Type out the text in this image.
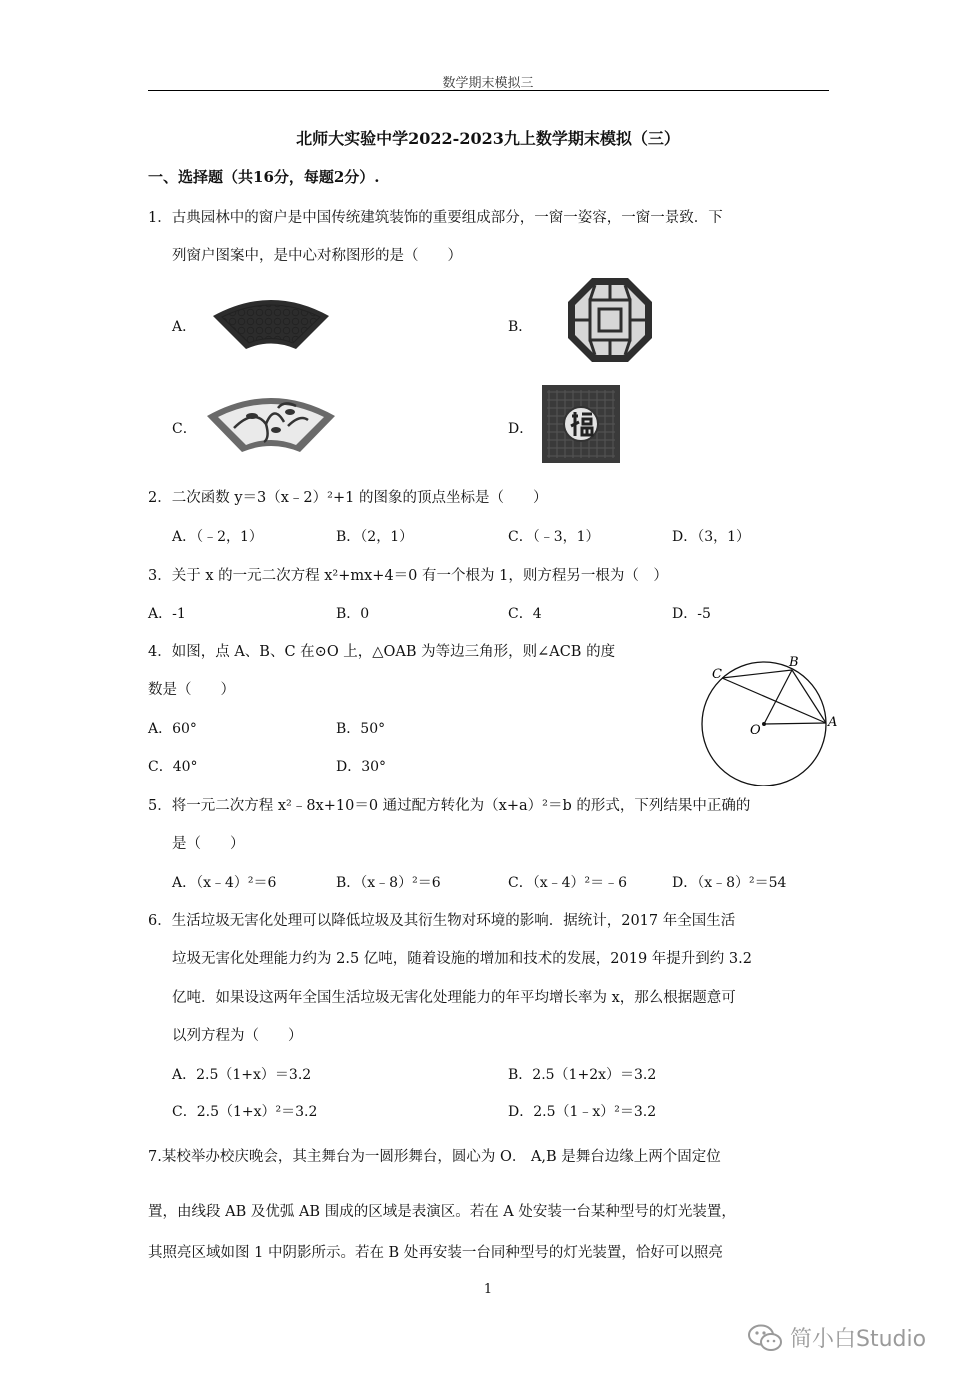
数学期末模拟三
北师大实验中学2022-2023九上数学期末模拟（三）
一、选择题（共16分，每题2分）.
1．古典园林中的窗户是中国传统建筑装饰的重要组成部分，一窗一姿容，一窗一景致．下
列窗户图案中，是中心对称图形的是（　　）
A．	B．
C．	D．
2．二次函数 y＝3（x﹣2）²+1 的图象的顶点坐标是（　　）
A．（﹣2，1）	B．（2，1）	C．（﹣3，1）	D．（3，1）
3．关于 x 的一元二次方程 x²+mx+4＝0 有一个根为 1，则方程另一根为（　）
A．-1	B．0	C．4	D．-5
4．如图，点 A、B、C 在⊙O 上，△OAB 为等边三角形，则∠ACB 的度
数是（　　）
A．60°	B．50°
C．40°	D．30°
A
B
C
O
5．将一元二次方程 x²﹣8x+10＝0 通过配方转化为（x+a）²＝b 的形式，下列结果中正确的
是（　　）
A．（x﹣4）²＝6	B．（x﹣8）²＝6	C．（x﹣4）²＝﹣6	D．（x﹣8）²＝54
6．生活垃圾无害化处理可以降低垃圾及其衍生物对环境的影响．据统计，2017 年全国生活
垃圾无害化处理能力约为 2.5 亿吨，随着设施的增加和技术的发展，2019 年提升到约 3.2
亿吨．如果设这两年全国生活垃圾无害化处理能力的年平均增长率为 x，那么根据题意可
以列方程为（　　）
A．2.5（1+x）＝3.2	B．2.5（1+2x）＝3.2
C．2.5（1+x）²＝3.2	D．2.5（1﹣x）²＝3.2
7.某校举办校庆晚会，其主舞台为一圆形舞台，圆心为 O． A,B 是舞台边缘上两个固定位
置，由线段 AB 及优弧 AB 围成的区域是表演区。若在 A 处安装一台某种型号的灯光装置，
其照亮区域如图 1 中阴影所示。若在 B 处再安装一台同种型号的灯光装置，恰好可以照亮
1
简小白Studio
